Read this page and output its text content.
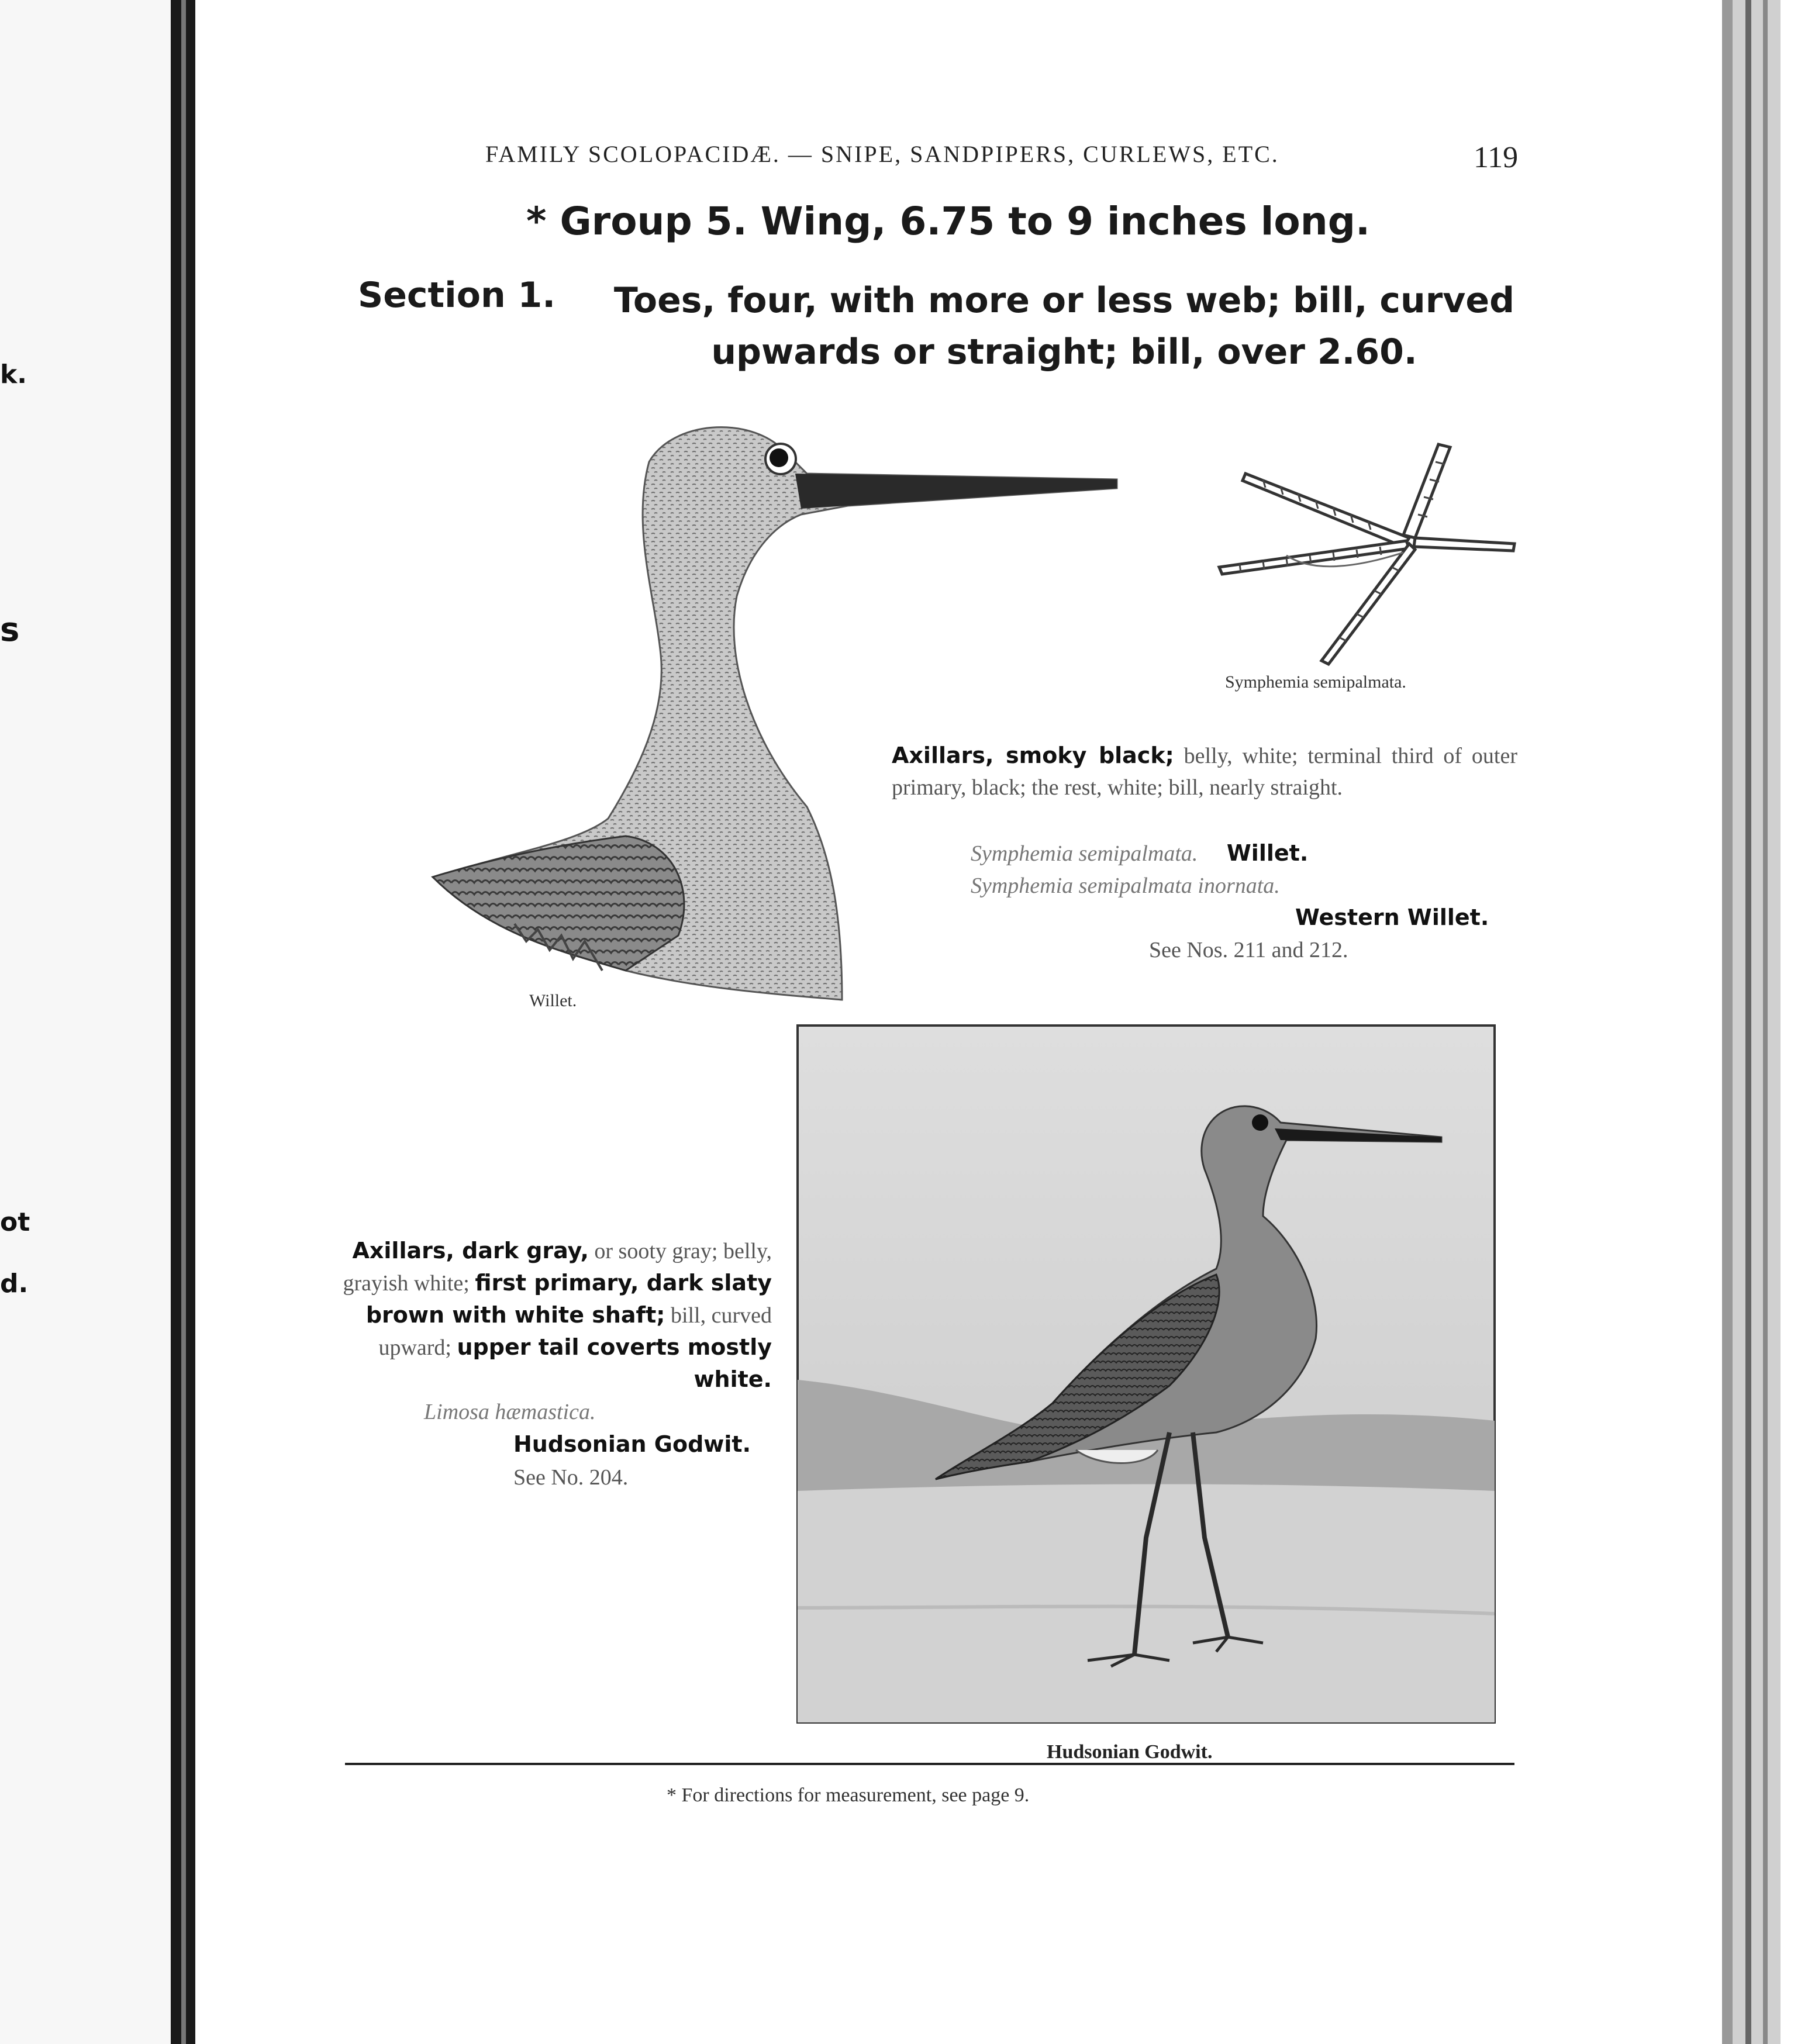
k.
s
ot
d.
FAMILY SCOLOPACIDÆ. — SNIPE, SANDPIPERS, CURLEWS, ETC.	119
* Group 5. Wing, 6.75 to 9 inches long.
Section 1.	Toes, four, with more or less web; bill, curved upwards or straight; bill, over 2.60.
Willet.
Symphemia semipalmata.
Axillars, smoky black; belly, white; terminal third of outer primary, black; the rest, white; bill, nearly straight.
Symphemia semipalmata. Willet.
Symphemia semipalmata inornata.
Western Willet.
See Nos. 211 and 212.
Hudsonian Godwit.
Axillars, dark gray, or sooty gray; belly, grayish white; first primary, dark slaty brown with white shaft; bill, curved upward; upper tail coverts mostly white.
Limosa hæmastica.
Hudsonian Godwit.
See No. 204.
* For directions for measurement, see page 9.
